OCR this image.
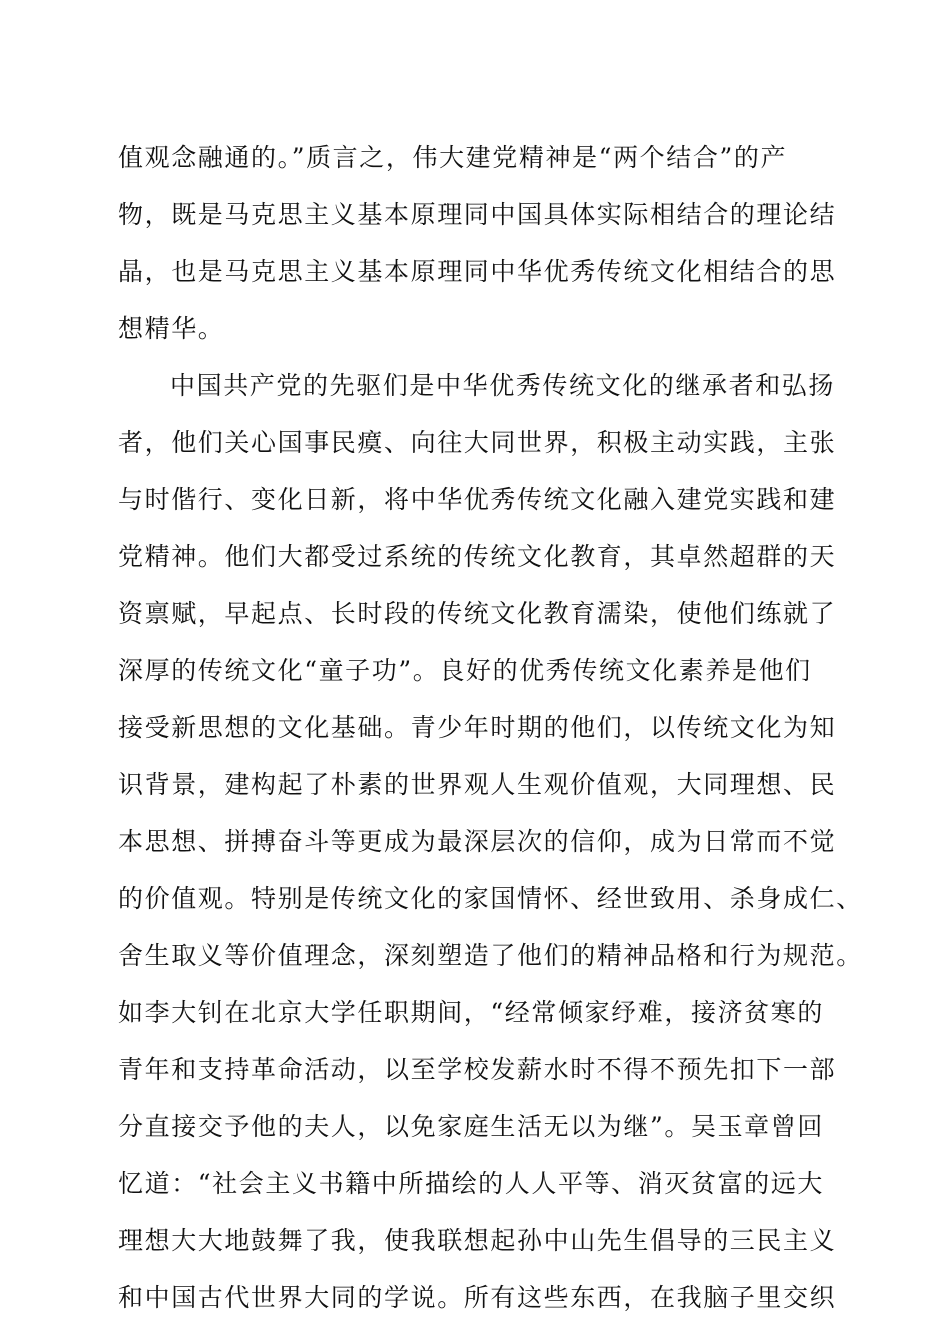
值观念融通的。”质言之，伟大建党精神是“两个结合”的产
物，既是马克思主义基本原理同中国具体实际相结合的理论结
晶，也是马克思主义基本原理同中华优秀传统文化相结合的思
想精华。
中国共产党的先驱们是中华优秀传统文化的继承者和弘扬
者，他们关心国事民瘼、向往大同世界，积极主动实践，主张
与时偕行、变化日新，将中华优秀传统文化融入建党实践和建
党精神。他们大都受过系统的传统文化教育，其卓然超群的天
资禀赋，早起点、长时段的传统文化教育濡染，使他们练就了
深厚的传统文化“童子功”。良好的优秀传统文化素养是他们
接受新思想的文化基础。青少年时期的他们，以传统文化为知
识背景，建构起了朴素的世界观人生观价值观，大同理想、民
本思想、拼搏奋斗等更成为最深层次的信仰，成为日常而不觉
的价值观。特别是传统文化的家国情怀、经世致用、杀身成仁、
舍生取义等价值理念，深刻塑造了他们的精神品格和行为规范。
如李大钊在北京大学任职期间，“经常倾家纾难，接济贫寒的
青年和支持革命活动，以至学校发薪水时不得不预先扣下一部
分直接交予他的夫人，以免家庭生活无以为继”。吴玉章曾回
忆道：“社会主义书籍中所描绘的人人平等、消灭贫富的远大
理想大大地鼓舞了我，使我联想起孙中山先生倡导的三民主义
和中国古代世界大同的学说。所有这些东西，在我脑子里交织
